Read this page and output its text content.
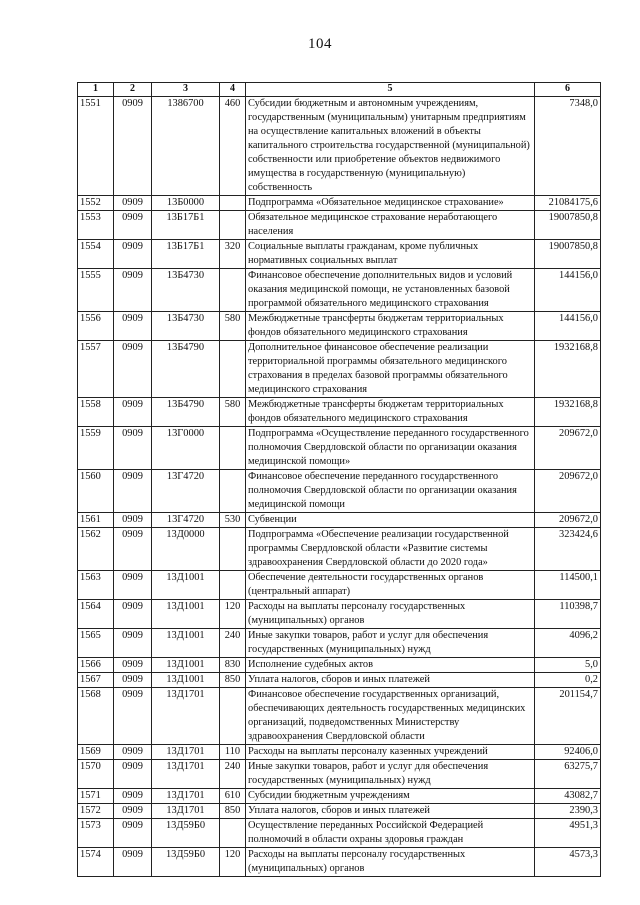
104
1	2	3	4	5	6
1551	0909	1386700	460	Субсидии бюджетным и автономным учреждениям, государственным (муниципальным) унитарным предприятиям на осуществление капитальных вложений в объекты капитального строительства государственной (муниципальной) собственности или приобретение объектов недвижимого имущества в государственную (муниципальную) собственность	7348,0
1552	0909	13Б0000		Подпрограмма «Обязательное медицинское страхование»	21084175,6
1553	0909	13Б17Б1		Обязательное медицинское страхование неработающего населения	19007850,8
1554	0909	13Б17Б1	320	Социальные выплаты гражданам, кроме публичных нормативных социальных выплат	19007850,8
1555	0909	13Б4730		Финансовое обеспечение дополнительных видов и условий оказания медицинской помощи, не установленных базовой программой обязательного медицинского страхования	144156,0
1556	0909	13Б4730	580	Межбюджетные трансферты бюджетам территориальных фондов обязательного медицинского страхования	144156,0
1557	0909	13Б4790		Дополнительное финансовое обеспечение реализации территориальной программы обязательного медицинского страхования в пределах базовой программы обязательного медицинского страхования	1932168,8
1558	0909	13Б4790	580	Межбюджетные трансферты бюджетам территориальных фондов обязательного медицинского страхования	1932168,8
1559	0909	13Г0000		Подпрограмма «Осуществление переданного государственного полномочия Свердловской области по организации оказания медицинской помощи»	209672,0
1560	0909	13Г4720		Финансовое обеспечение переданного государственного полномочия Свердловской области по организации оказания медицинской помощи	209672,0
1561	0909	13Г4720	530	Субвенции	209672,0
1562	0909	13Д0000		Подпрограмма «Обеспечение реализации государственной программы Свердловской области «Развитие системы здравоохранения Свердловской области до 2020 года»	323424,6
1563	0909	13Д1001		Обеспечение деятельности государственных органов (центральный аппарат)	114500,1
1564	0909	13Д1001	120	Расходы на выплаты персоналу государственных (муниципальных) органов	110398,7
1565	0909	13Д1001	240	Иные закупки товаров, работ и услуг для обеспечения государственных (муниципальных) нужд	4096,2
1566	0909	13Д1001	830	Исполнение судебных актов	5,0
1567	0909	13Д1001	850	Уплата налогов, сборов и иных платежей	0,2
1568	0909	13Д1701		Финансовое обеспечение государственных организаций, обеспечивающих деятельность государственных медицинских организаций, подведомственных Министерству здравоохранения Свердловской области	201154,7
1569	0909	13Д1701	110	Расходы на выплаты персоналу казенных учреждений	92406,0
1570	0909	13Д1701	240	Иные закупки товаров, работ и услуг для обеспечения государственных (муниципальных) нужд	63275,7
1571	0909	13Д1701	610	Субсидии бюджетным учреждениям	43082,7
1572	0909	13Д1701	850	Уплата налогов, сборов и иных платежей	2390,3
1573	0909	13Д59Б0		Осуществление переданных Российской Федерацией полномочий в области охраны здоровья граждан	4951,3
1574	0909	13Д59Б0	120	Расходы на выплаты персоналу государственных (муниципальных) органов	4573,3
